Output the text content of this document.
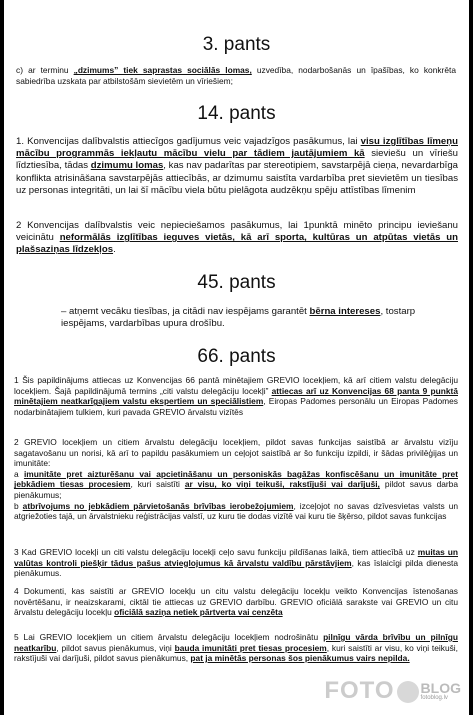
3. pants

c) ar terminu „dzimums” tiek saprastas sociālās lomas, uzvedība, nodarbošanās un īpašības, ko konkrēta sabiedrība uzskata par atbilstošām sievietēm un vīriešiem;

14. pants

1. Konvencijas dalībvalstis attiecīgos gadījumus veic vajadzīgos pasākumus, lai visu izglītības līmeņu mācību programmās iekļautu mācību vielu par tādiem jautājumiem kā sieviešu un vīriešu līdztiesība, tādas dzimumu lomas, kas nav padarītas par stereotipiem, savstarpējā cieņa, nevardarbīga konflikta atrisināšana savstarpējās attiecībās, ar dzimumu saistīta vardarbība pret sievietēm un tiesības uz personas integritāti, un lai šī mācību viela būtu pielāgota audzēkņu spēju attīstības līmenim

2 Konvencijas dalībvalstis veic nepieciešamos pasākumus, lai 1punktā minēto principu ieviešanu veicinātu neformālās izglītības ieguves vietās, kā arī sporta, kultūras un atpūtas vietās un plašsaziņas līdzekļos.

45. pants

– atņemt vecāku tiesības, ja citādi nav iespējams garantēt bērna intereses, tostarp iespējams, vardarbības upura drošību.

66. pants

1 Šis papildinājums attiecas uz Konvencijas 66 pantā minētajiem GREVIO locekļiem, kā arī citiem valstu delegāciju locekļiem. Šajā papildinājumā termins „citi valstu delegāciju locekļi” attiecas arī uz Konvencijas 68 panta 9 punktā minētajiem neatkarīgajiem valstu ekspertiem un speciālistiem, Eiropas Padomes personālu un Eiropas Padomes nodarbinātajiem tulkiem, kuri pavada GREVIO ārvalstu vizītēs

2 GREVIO locekļiem un citiem ārvalstu delegāciju locekļiem, pildot savas funkcijas saistībā ar ārvalstu vizīju sagatavošanu un norisi, kā arī to papildu pasākumiem un ceļojot saistībā ar šo funkciju izpildi, ir šādas privilēģijas un imunitāte:
a imunitāte pret aizturēšanu vai apcietināšanu un personiskās bagāžas konfiscēšanu un imunitāte pret jebkādiem tiesas procesiem, kuri saistīti ar visu, ko viņi teikuši, rakstījuši vai darījuši, pildot savus darba pienākumus;
b atbrīvojums no jebkādiem pārvietošanās brīvības ierobežojumiem, izceļojot no savas dzīvesvietas valsts un atgriežoties tajā, un ārvalstnieku reģistrācijas valstī, uz kuru tie dodas vizītē vai kuru tie šķērso, pildot savas funkcijas

3 Kad GREVIO locekļi un citi valstu delegāciju locekļi ceļo savu funkciju pildīšanas laikā, tiem attiecībā uz muitas un valūtas kontroli piešķir tādus pašus atvieglojumus kā ārvalstu valdību pārstāvjiem, kas īslaicīgi pilda dienesta pienākumus.

4 Dokumenti, kas saistīti ar GREVIO locekļu un citu valstu delegāciju locekļu veikto Konvencijas īstenošanas novērtēšanu, ir neaizskarami, ciktāl tie attiecas uz GREVIO darbību. GREVIO oficiālā sarakste vai GREVIO un citu ārvalstu delegāciju locekļu oficiālā saziņa netiek pārtverta vai cenzēta

5 Lai GREVIO locekļiem un citiem ārvalstu delegāciju locekļiem nodrošinātu pilnīgu vārda brīvību un pilnīgu neatkarību, pildot savus pienākumus, viņi bauda imunitāti pret tiesas procesiem, kuri saistīti ar visu, ko viņi teikuši, rakstījuši vai darījuši, pildot savus pienākumus, pat ja minētās personas šos pienākumus vairs nepilda.

FOTO BLOG
fotoblog.lv
